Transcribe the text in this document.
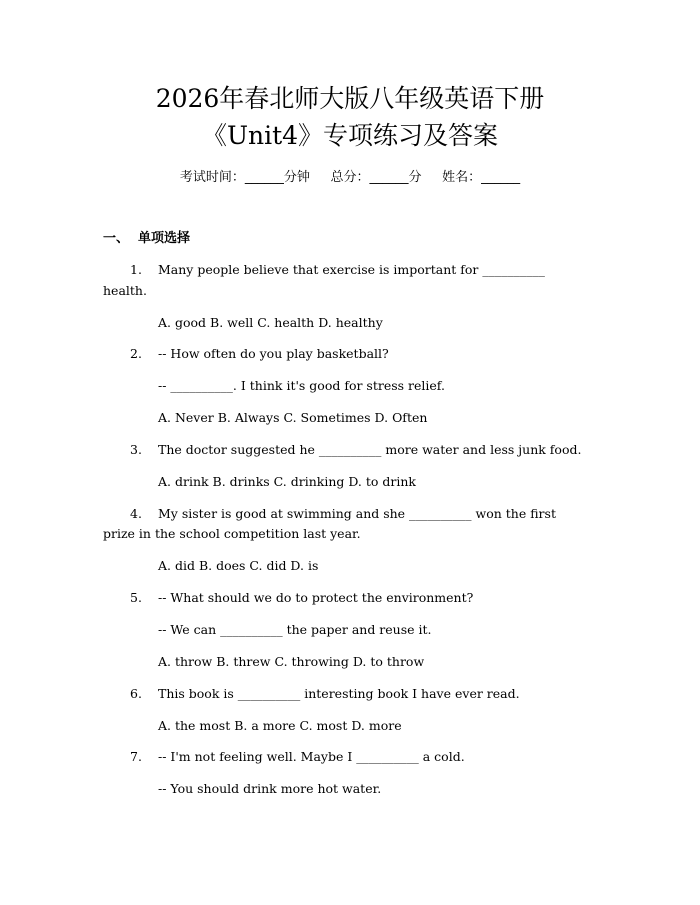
2026年春北师大版八年级英语下册
《Unit4》专项练习及答案
考试时间：______分钟     总分：______分     姓名：______
一、  单项选择
1. Many people believe that exercise is important for __________
health.
A. good B. well C. health D. healthy
2. -- How often do you play basketball?
-- __________. I think it's good for stress relief.
A. Never B. Always C. Sometimes D. Often
3. The doctor suggested he __________ more water and less junk food.
A. drink B. drinks C. drinking D. to drink
4. My sister is good at swimming and she __________ won the first
prize in the school competition last year.
A. did B. does C. did D. is
5. -- What should we do to protect the environment?
-- We can __________ the paper and reuse it.
A. throw B. threw C. throwing D. to throw
6. This book is __________ interesting book I have ever read.
A. the most B. a more C. most D. more
7. -- I'm not feeling well. Maybe I __________ a cold.
-- You should drink more hot water.
